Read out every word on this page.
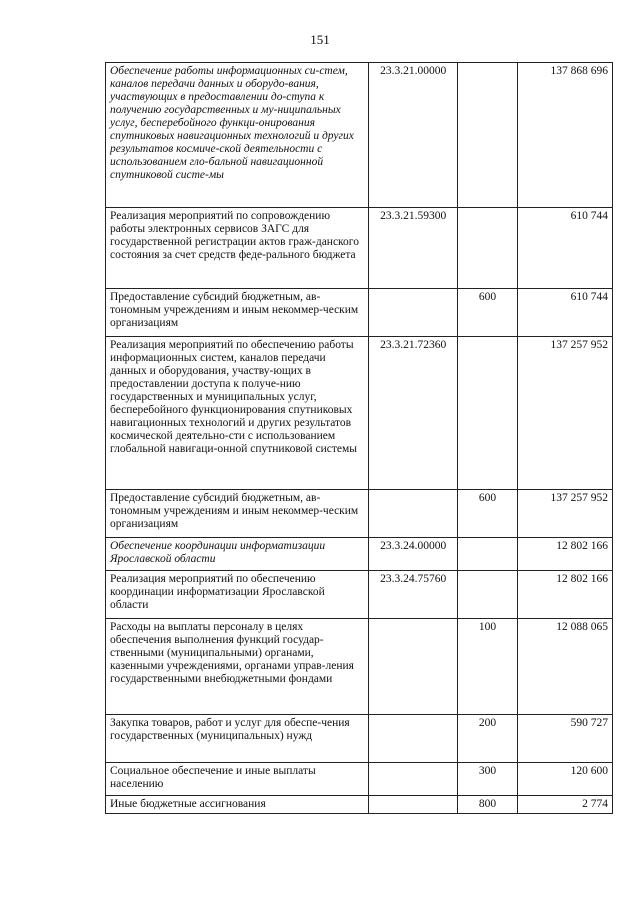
151
Обеспечение работы информационных си-стем, каналов передачи данных и оборудо-вания, участвующих в предоставлении до-ступа к получению государственных и му-ниципальных услуг, бесперебойного функци-онирования спутниковых навигационных технологий и других результатов космиче-ской деятельности с использованием гло-бальной навигационной спутниковой систе-мы	23.3.21.00000		137 868 696
Реализация мероприятий по сопровождению работы электронных сервисов ЗАГС для государственной регистрации актов граж-данского состояния за счет средств феде-рального бюджета	23.3.21.59300		610 744
Предоставление субсидий бюджетным, ав-тономным учреждениям и иным некоммер-ческим организациям		600	610 744
Реализация мероприятий по обеспечению работы информационных систем, каналов передачи данных и оборудования, участву-ющих в предоставлении доступа к получе-нию государственных и муниципальных услуг, бесперебойного функционирования спутниковых навигационных технологий и других результатов космической деятельно-сти с использованием глобальной навигаци-онной спутниковой системы	23.3.21.72360		137 257 952
Предоставление субсидий бюджетным, ав-тономным учреждениям и иным некоммер-ческим организациям		600	137 257 952
Обеспечение координации информатизации Ярославской области	23.3.24.00000		12 802 166
Реализация мероприятий по обеспечению координации информатизации Ярославской области	23.3.24.75760		12 802 166
Расходы на выплаты персоналу в целях обеспечения выполнения функций государ-ственными (муниципальными) органами, казенными учреждениями, органами управ-ления государственными внебюджетными фондами		100	12 088 065
Закупка товаров, работ и услуг для обеспе-чения государственных (муниципальных) нужд		200	590 727
Социальное обеспечение и иные выплаты населению		300	120 600
Иные бюджетные ассигнования		800	2 774
